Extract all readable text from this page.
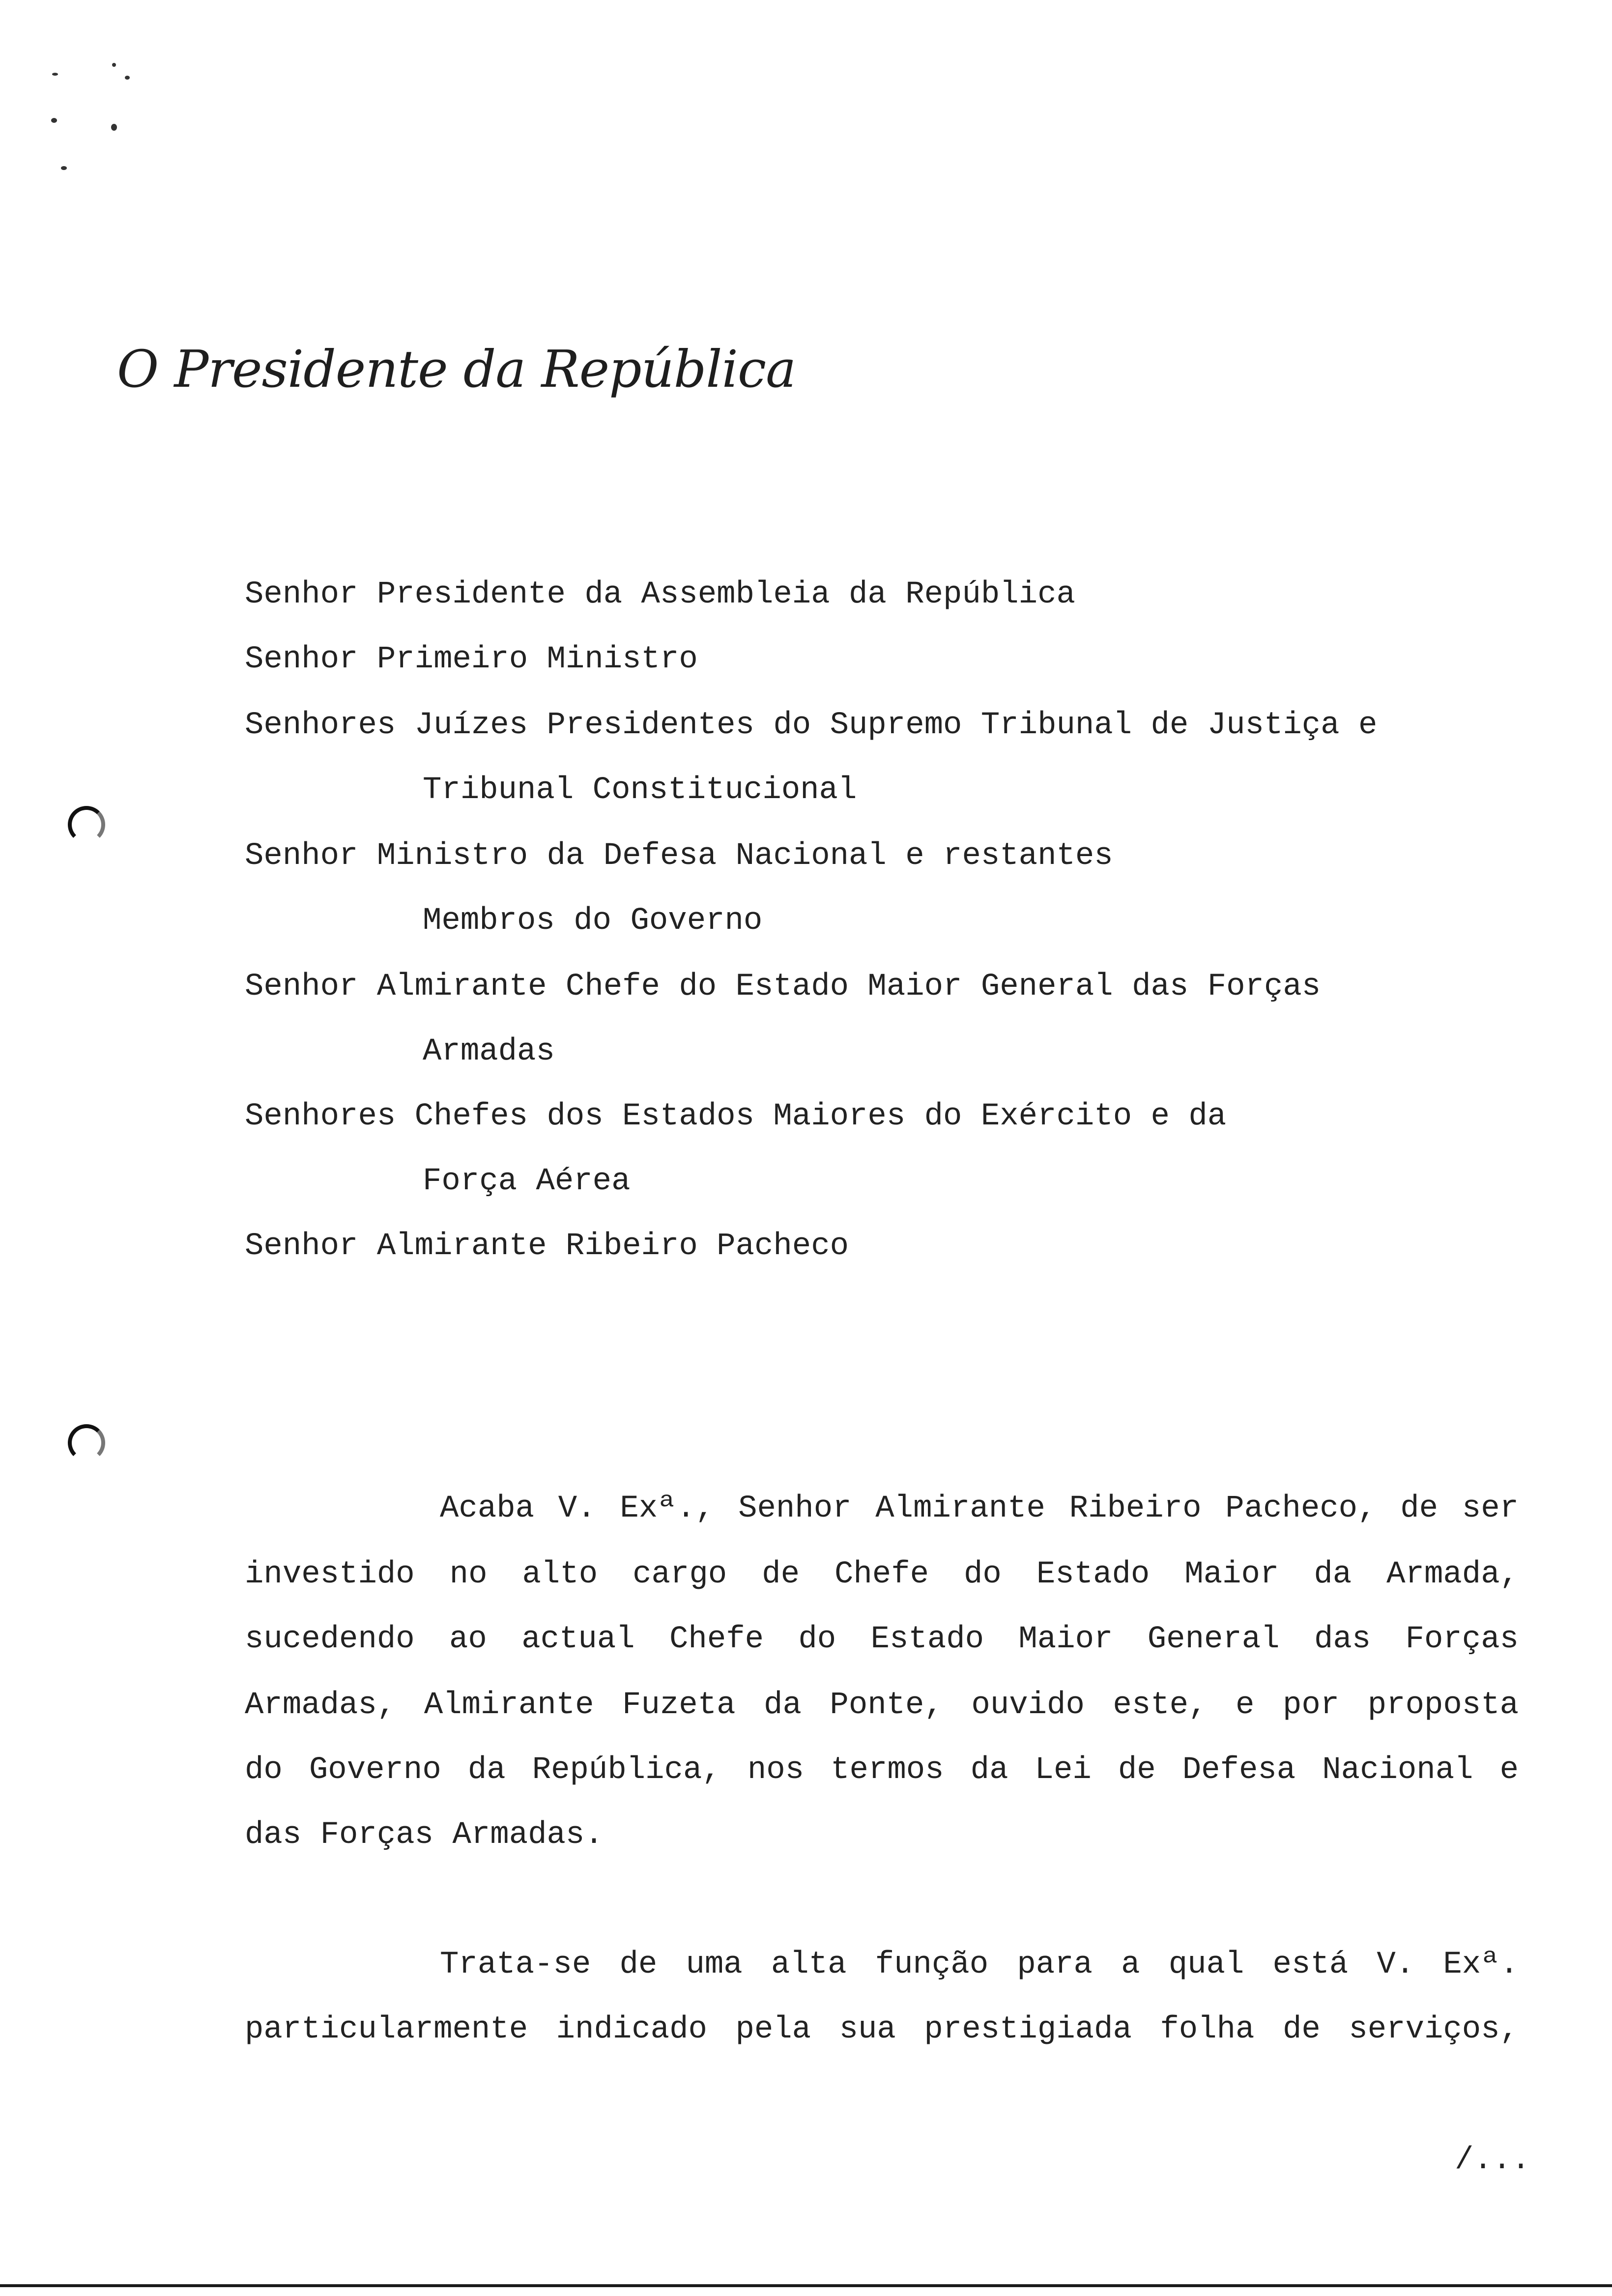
O Presidente da República
Senhor Presidente da Assembleia da República
Senhor Primeiro Ministro
Senhores Juízes Presidentes do Supremo Tribunal de Justiça e
Tribunal Constitucional
Senhor Ministro da Defesa Nacional e restantes
Membros do Governo
Senhor Almirante Chefe do Estado Maior General das Forças
Armadas
Senhores Chefes dos Estados Maiores do Exército e da
Força Aérea
Senhor Almirante Ribeiro Pacheco
Acaba V. Exª., Senhor Almirante Ribeiro Pacheco, de ser
investido no alto cargo de Chefe do Estado Maior da Armada,
sucedendo ao actual Chefe do Estado Maior General das Forças
Armadas, Almirante Fuzeta da Ponte, ouvido este, e por proposta
do Governo da República, nos termos da Lei de Defesa Nacional e
das Forças Armadas.
Trata-se de uma alta função para a qual está V. Exª.
particularmente indicado pela sua prestigiada folha de serviços,
/...
